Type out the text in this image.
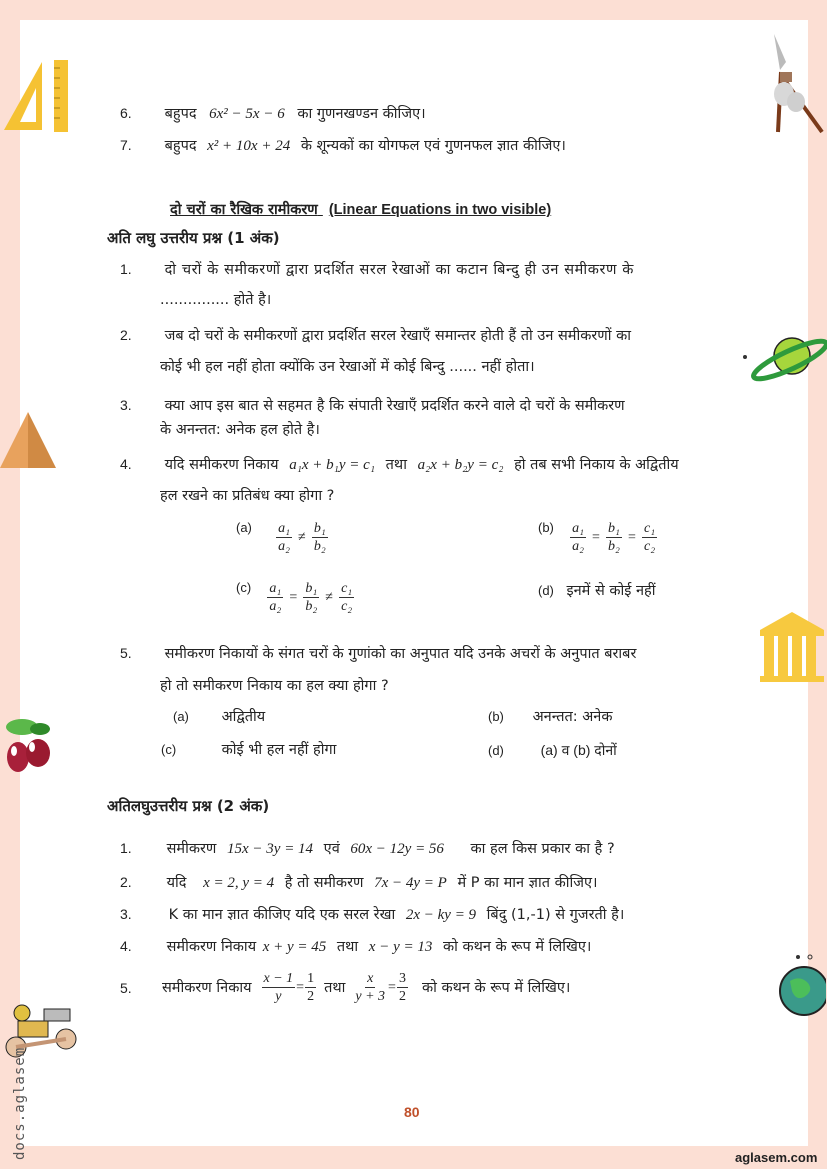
docs.aglasem
6. बहुपद 6x² − 5x − 6 का गुणनखण्डन कीजिए।
7. बहुपद x² + 10x + 24 के शून्यकों का योगफल एवं गुणनफल ज्ञात कीजिए।
दो चरों का रैखिक रामीकरण (Linear Equations in two visible)
अति लघु उत्तरीय प्रश्न (1 अंक)
1. दो चरों के समीकरणों द्वारा प्रदर्शित सरल रेखाओं का कटान बिन्दु ही उन समीकरण के
............... होते है।
2. जब दो चरों के समीकरणों द्वारा प्रदर्शित सरल रेखाएँ समान्तर होती हैं तो उन समीकरणों का
कोई भी हल नहीं होता क्योंकि उन रेखाओं में कोई बिन्दु ...... नहीं होता।
3. क्या आप इस बात से सहमत है कि संपाती रेखाएँ प्रदर्शित करने वाले दो चरों के समीकरण
के अनन्तत: अनेक हल होते है।
4. यदि समीकरण निकाय a₁x + b₁y = c₁ तथा a₂x + b₂y = c₂ हो तब सभी निकाय के अद्वितीय
हल रखने का प्रतिबंध क्या होगा ?
$^{(a)} \frac{\text{a₁}}{\text{a₂}} \ne \frac{\text{b₁}}{\text{b₂}}$	$^{(b)} \frac{\text{a₁}}{\text{a₂}} = \frac{\text{b₁}}{\text{b₂}} = \frac{\text{c₁}}{\text{c₂}}$
$^{(c)} \frac{\text{a₁}}{\text{a₂}} = \frac{\text{b₁}}{\text{b₂}} \ne \frac{\text{c₁}}{\text{c₂}}$	(d) इनमें से कोई नहीं
5. समीकरण निकायों के संगत चरों के गुणांको का अनुपात यदि उनके अचरों के अनुपात बराबर
हो तो समीकरण निकाय का हल क्या होगा ?
(a) अद्वितीय	(b) अनन्तत: अनेक
(c)	कोई भी हल नहीं होगा	(d)	(a) व (b) दोनों
अतिलघुउत्तरीय प्रश्न (2 अंक)
1. समीकरण 15x − 3y = 14 एवं 60x − 12y = 56 का हल किस प्रकार का है ?
2. यदि x = 2, y = 4 है तो समीकरण 7x − 4y = P में P का मान ज्ञात कीजिए।
3.	K का मान ज्ञात कीजिए यदि एक सरल रेखा 2x − ky = 9 बिंदु (1,-1) से गुजरती है।
4. समीकरण निकाय x + y = 45 तथा x − y = 13 को कथन के रूप में लिखिए।
5.	समीकरण निकाय $\frac{x - 1}{y} = \frac{1}{2}$ तथा $\frac{x}{y + 3} = \frac{3}{2}$ को कथन के रूप में लिखिए।
80
aglasem.com
